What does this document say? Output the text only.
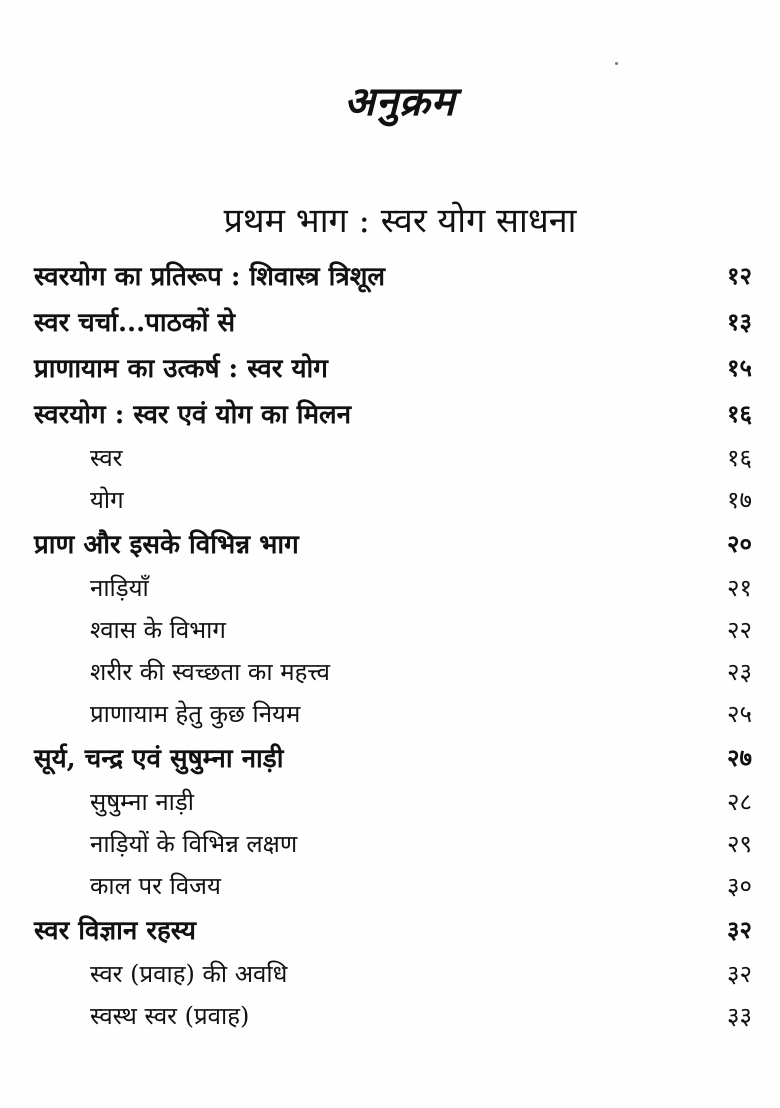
अनुक्रम
प्रथम भाग : स्वर योग साधना
स्वरयोग का प्रतिरूप : शिवास्त्र त्रिशूल	१२
स्वर चर्चा...पाठकों से	१३
प्राणायाम का उत्कर्ष : स्वर योग	१५
स्वरयोग : स्वर एवं योग का मिलन	१६
स्वर	१६
योग	१७
प्राण और इसके विभिन्न भाग	२०
नाड़ियाँ	२१
श्वास के विभाग	२२
शरीर की स्वच्छता का महत्त्व	२३
प्राणायाम हेतु कुछ नियम	२५
सूर्य, चन्द्र एवं सुषुम्ना नाड़ी	२७
सुषुम्ना नाड़ी	२८
नाड़ियों के विभिन्न लक्षण	२९
काल पर विजय	३०
स्वर विज्ञान रहस्य	३२
स्वर (प्रवाह) की अवधि	३२
स्वस्थ स्वर (प्रवाह)	३३
